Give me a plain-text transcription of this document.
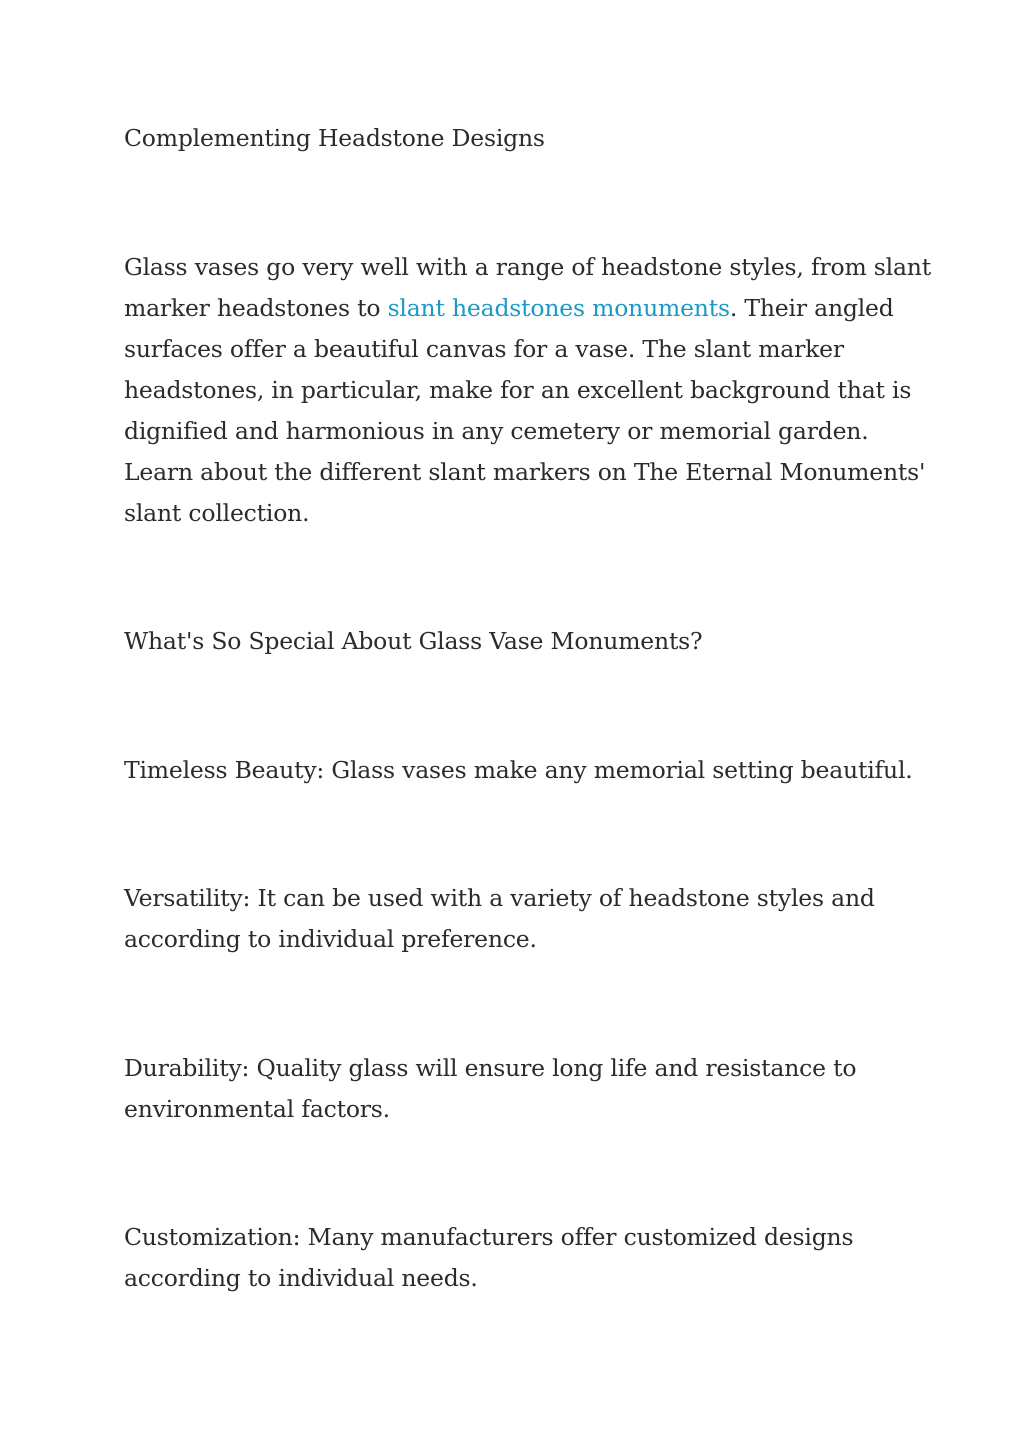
Complementing Headstone Designs
Glass vases go very well with a range of headstone styles, from slant
marker headstones to slant headstones monuments. Their angled
surfaces offer a beautiful canvas for a vase. The slant marker
headstones, in particular, make for an excellent background that is
dignified and harmonious in any cemetery or memorial garden.
Learn about the different slant markers on The Eternal Monuments'
slant collection.
What's So Special About Glass Vase Monuments?
Timeless Beauty: Glass vases make any memorial setting beautiful.
Versatility: It can be used with a variety of headstone styles and
according to individual preference.
Durability: Quality glass will ensure long life and resistance to
environmental factors.
Customization: Many manufacturers offer customized designs
according to individual needs.
